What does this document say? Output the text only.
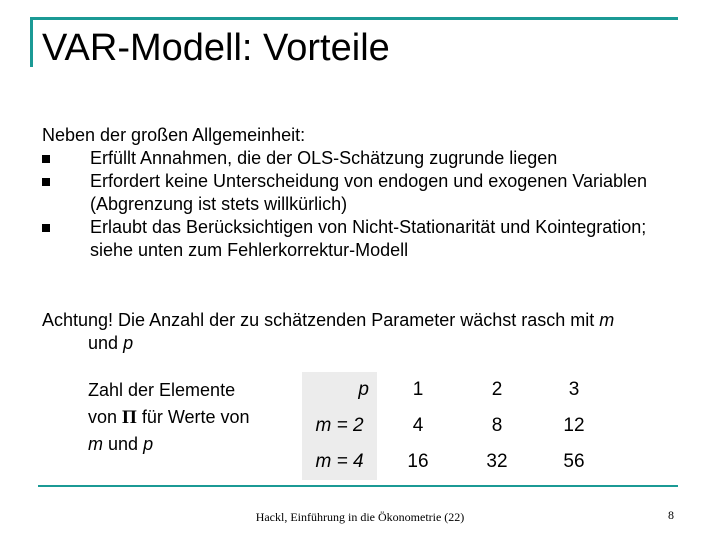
VAR-Modell: Vorteile
Neben der großen Allgemeinheit:
Erfüllt Annahmen, die der OLS-Schätzung zugrunde liegen
Erfordert keine Unterscheidung von endogen und exogenen Variablen (Abgrenzung ist stets willkürlich)
Erlaubt das Berücksichtigen von Nicht-Stationarität und Kointegration; siehe unten zum Fehlerkorrektur-Modell
Achtung! Die Anzahl der zu schätzenden Parameter wächst rasch mit m
und p
Zahl der Elemente
von Π für Werte von
m und p
p	1	2	3
m = 2	4	8	12
m = 4	16	32	56
Hackl, Einführung in die Ökonometrie (22)	8
